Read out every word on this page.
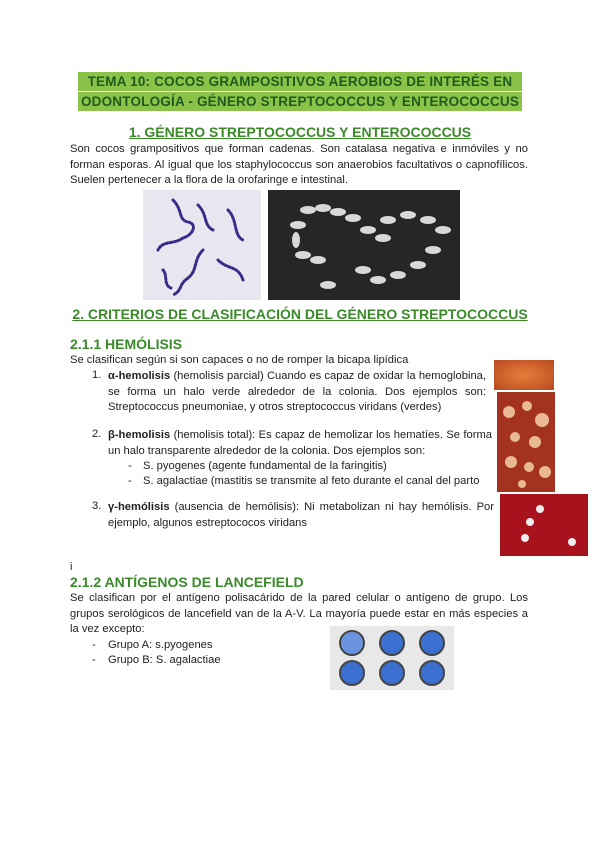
TEMA 10: COCOS GRAMPOSITIVOS AEROBIOS DE INTERÉS EN
ODONTOLOGÍA - GÉNERO STREPTOCOCCUS Y ENTEROCOCCUS
1. GÉNERO STREPTOCOCCUS Y ENTEROCOCCUS
Son cocos grampositivos que forman cadenas. Son catalasa negativa e inmóviles y no forman esporas. Al igual que los staphylococcus son anaerobios facultativos o capnofílicos. Suelen pertenecer a la flora de la orofaringe e intestinal.
2. CRITERIOS DE CLASIFICACIÓN DEL GÉNERO STREPTOCOCCUS
2.1.1 HEMÓLISIS
Se clasifican según si son capaces o no de romper la bicapa lipídica
1. α-hemolisis (hemolisis parcial) Cuando es capaz de oxidar la hemoglobina, se forma un halo verde alrededor de la colonia. Dos ejemplos son: Streptococcus pneumoniae, y otros streptococcus viridans (verdes)
2. β-hemolisis (hemolisis total): Es capaz de hemolizar los hematíes. Se forma un halo transparente alrededor de la colonia. Dos ejemplos son:
- S. pyogenes (agente fundamental de la faringitis)
- S. agalactiae (mastitis se transmite al feto durante el canal del parto
3. γ-hemólisis (ausencia de hemólisis): Ni metabolizan ni hay hemólisis. Por ejemplo, algunos estreptococos viridans
i
2.1.2 ANTÍGENOS DE LANCEFIELD
Se clasifican por el antígeno polisacárido de la pared celular o antígeno de grupo. Los grupos serológicos de lancefield van de la A-V. La mayoría puede estar en más especies a la vez excepto:
- Grupo A: s.pyogenes
- Grupo B: S. agalactiae
